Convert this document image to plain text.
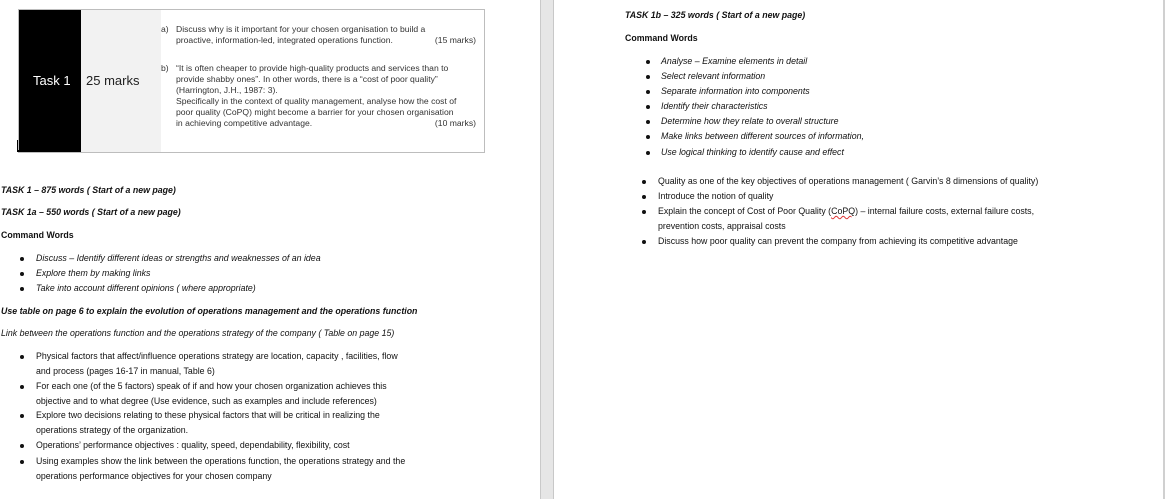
Task 1 25 marks
a) Discuss why is it important for your chosen organisation to build a
proactive, information-led, integrated operations function.	(15 marks)
b) “It is often cheaper to provide high-quality products and services than to
provide shabby ones”. In other words, there is a “cost of poor quality”
(Harrington, J.H., 1987: 3).
Specifically in the context of quality management, analyse how the cost of
poor quality (CoPQ) might become a barrier for your chosen organisation
in achieving competitive advantage.	(10 marks)
TASK 1 – 875 words ( Start of a new page)
TASK 1a – 550 words ( Start of a new page)
Command Words
Discuss – Identify different ideas or strengths and weaknesses of an idea
Explore them by making links
Take into account different opinions ( where appropriate)
Use table on page 6 to explain the evolution of operations management and the operations function
Link between the operations function and the operations strategy of the company ( Table on page 15)
Physical factors that affect/influence operations strategy are location, capacity , facilities, flow
and process (pages 16-17 in manual, Table 6)
For each one (of the 5 factors) speak of if and how your chosen organization achieves this
objective and to what degree (Use evidence, such as examples and include references)
Explore two decisions relating to these physical factors that will be critical in realizing the
operations strategy of the organization.
Operations’ performance objectives : quality, speed, dependability, flexibility, cost
Using examples show the link between the operations function, the operations strategy and the
operations performance objectives for your chosen company
TASK 1b – 325 words ( Start of a new page)
Command Words
Analyse – Examine elements in detail
Select relevant information
Separate information into components
Identify their characteristics
Determine how they relate to overall structure
Make links between different sources of information,
Use logical thinking to identify cause and effect
Quality as one of the key objectives of operations management ( Garvin’s 8 dimensions of quality)
Introduce the notion of quality
Explain the concept of Cost of Poor Quality (CoPQ) – internal failure costs, external failure costs,
prevention costs, appraisal costs
Discuss how poor quality can prevent the company from achieving its competitive advantage
